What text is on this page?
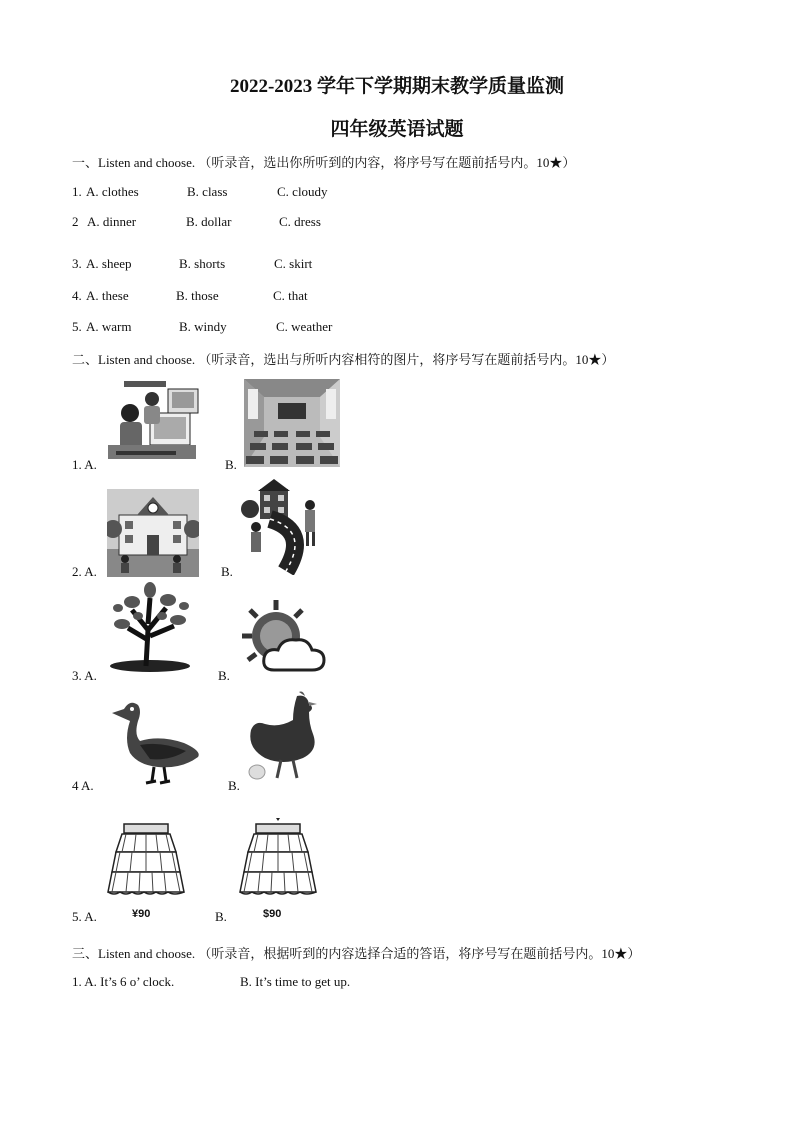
2022-2023 学年下学期期末教学质量监测
四年级英语试题
一、Listen and choose. （听录音，选出你所听到的内容，将序号写在题前括号内。10★）
1. A. clothes	B. class	C. cloudy
2 A. dinner	B. dollar	C. dress
3. A. sheep	B. shorts	C. skirt
4. A. these	B. those	C. that
5. A. warm	B. windy	C. weather
二、Listen and choose. （听录音，选出与所听内容相符的图片，将序号写在题前括号内。10★）
1. A.	B.
2. A.	B.
3. A.	B.
4 A.	B.
5. A.	¥90	B.	$90
三、Listen and choose. （听录音，根据听到的内容选择合适的答语，将序号写在题前括号内。10★）
1. A. It’s 6 o’ clock.	B. It’s time to get up.
